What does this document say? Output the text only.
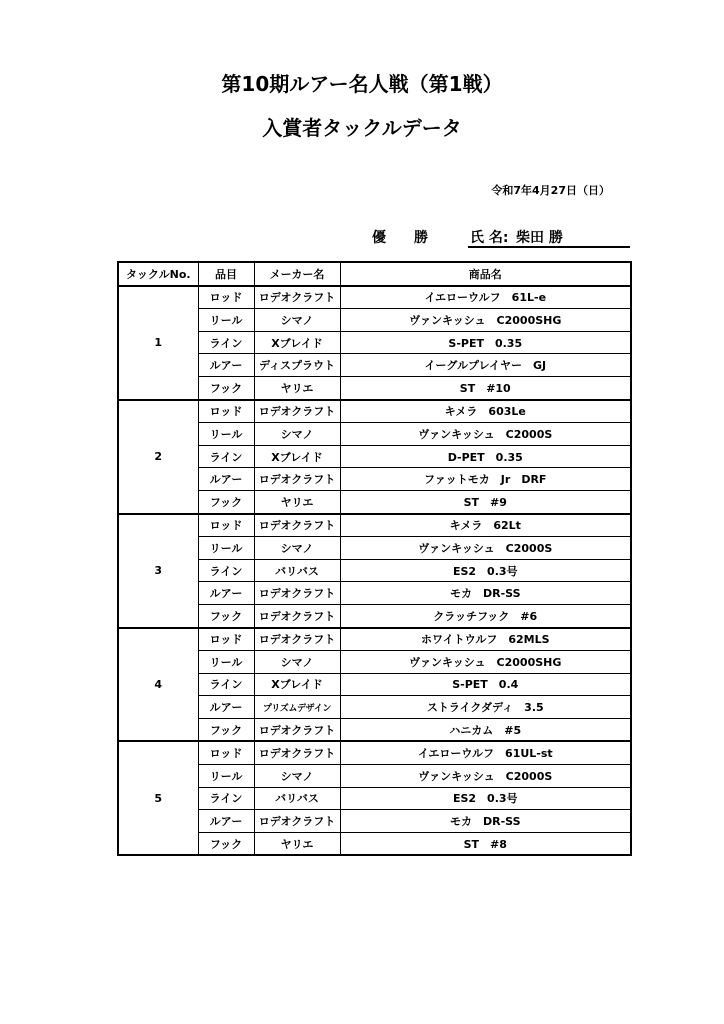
第10期ルアー名人戦（第1戦）
入賞者タックルデータ
令和7年4月27日（日）
優　　勝	氏 名: 柴田 勝
タックルNo.	品目	メーカー名	商品名
1	ロッド	ロデオクラフト	イエローウルフ　61L-e
	リール	シマノ	ヴァンキッシュ　C2000SHG
	ライン	Xブレイド	S-PET　0.35
	ルアー	ディスプラウト	イーグルプレイヤー　GJ
	フック	ヤリエ	ST　#10
2	ロッド	ロデオクラフト	キメラ　603Le
	リール	シマノ	ヴァンキッシュ　C2000S
	ライン	Xブレイド	D-PET　0.35
	ルアー	ロデオクラフト	ファットモカ　Jr　DRF
	フック	ヤリエ	ST　#9
3	ロッド	ロデオクラフト	キメラ　62Lt
	リール	シマノ	ヴァンキッシュ　C2000S
	ライン	バリバス	ES2　0.3号
	ルアー	ロデオクラフト	モカ　DR-SS
	フック	ロデオクラフト	クラッチフック　#6
4	ロッド	ロデオクラフト	ホワイトウルフ　62MLS
	リール	シマノ	ヴァンキッシュ　C2000SHG
	ライン	Xブレイド	S-PET　0.4
	ルアー	プリズムデザイン	ストライクダディ　3.5
	フック	ロデオクラフト	ハニカム　#5
5	ロッド	ロデオクラフト	イエローウルフ　61UL-st
	リール	シマノ	ヴァンキッシュ　C2000S
	ライン	バリバス	ES2　0.3号
	ルアー	ロデオクラフト	モカ　DR-SS
	フック	ヤリエ	ST　#8
